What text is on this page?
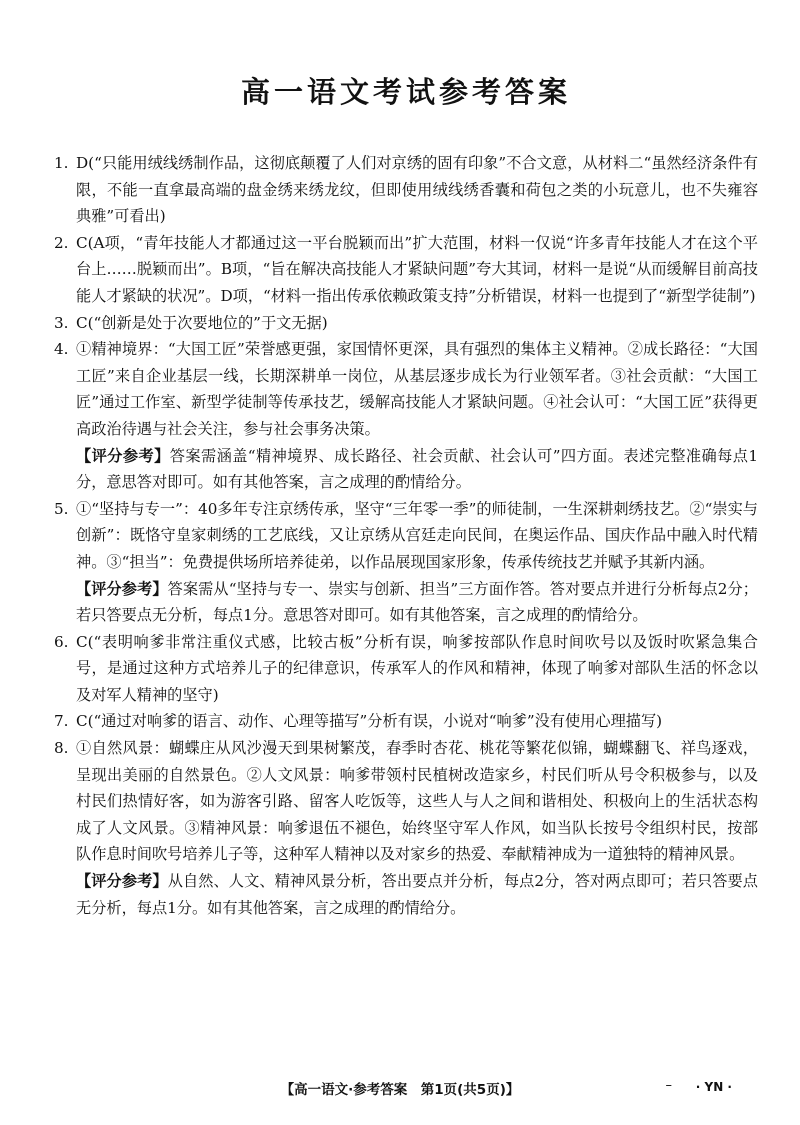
高一语文考试参考答案
1. D(“只能用绒线绣制作品，这彻底颠覆了人们对京绣的固有印象”不合文意，从材料二“虽然经济条件有限，不能一直拿最高端的盘金绣来绣龙纹，但即使用绒线绣香囊和荷包之类的小玩意儿，也不失雍容典雅”可看出)
2. C(A项，“青年技能人才都通过这一平台脱颖而出”扩大范围，材料一仅说“许多青年技能人才在这个平台上……脱颖而出”。B项，“旨在解决高技能人才紧缺问题”夸大其词，材料一是说“从而缓解目前高技能人才紧缺的状况”。D项，“材料一指出传承依赖政策支持”分析错误，材料一也提到了“新型学徒制”)
3. C(“创新是处于次要地位的”于文无据)
4. ①精神境界：“大国工匠”荣誉感更强，家国情怀更深，具有强烈的集体主义精神。②成长路径：“大国工匠”来自企业基层一线，长期深耕单一岗位，从基层逐步成长为行业领军者。③社会贡献：“大国工匠”通过工作室、新型学徒制等传承技艺，缓解高技能人才紧缺问题。④社会认可：“大国工匠”获得更高政治待遇与社会关注，参与社会事务决策。

【评分参考】答案需涵盖“精神境界、成长路径、社会贡献、社会认可”四方面。表述完整准确每点1分，意思答对即可。如有其他答案，言之成理的酌情给分。

5. ①“坚持与专一”：40多年专注京绣传承，坚守“三年零一季”的师徒制，一生深耕刺绣技艺。②“崇实与创新”：既恪守皇家刺绣的工艺底线，又让京绣从宫廷走向民间，在奥运作品、国庆作品中融入时代精神。③“担当”：免费提供场所培养徒弟，以作品展现国家形象，传承传统技艺并赋予其新内涵。

【评分参考】答案需从“坚持与专一、崇实与创新、担当”三方面作答。答对要点并进行分析每点2分；若只答要点无分析，每点1分。意思答对即可。如有其他答案，言之成理的酌情给分。

6. C(“表明响爹非常注重仪式感，比较古板”分析有误，响爹按部队作息时间吹号以及饭时吹紧急集合号，是通过这种方式培养儿子的纪律意识，传承军人的作风和精神，体现了响爹对部队生活的怀念以及对军人精神的坚守)
7. C(“通过对响爹的语言、动作、心理等描写”分析有误，小说对“响爹”没有使用心理描写)
8. ①自然风景：蝴蝶庄从风沙漫天到果树繁茂，春季时杏花、桃花等繁花似锦，蝴蝶翻飞、祥鸟逐戏，呈现出美丽的自然景色。②人文风景：响爹带领村民植树改造家乡，村民们听从号令积极参与，以及村民们热情好客，如为游客引路、留客人吃饭等，这些人与人之间和谐相处、积极向上的生活状态构成了人文风景。③精神风景：响爹退伍不褪色，始终坚守军人作风，如当队长按号令组织村民，按部队作息时间吹号培养儿子等，这种军人精神以及对家乡的热爱、奉献精神成为一道独特的精神风景。

【评分参考】从自然、人文、精神风景分析，答出要点并分析，每点2分，答对两点即可；若只答要点无分析，每点1分。如有其他答案，言之成理的酌情给分。

【高一语文·参考答案　第1页(共5页)】	– · YN ·
